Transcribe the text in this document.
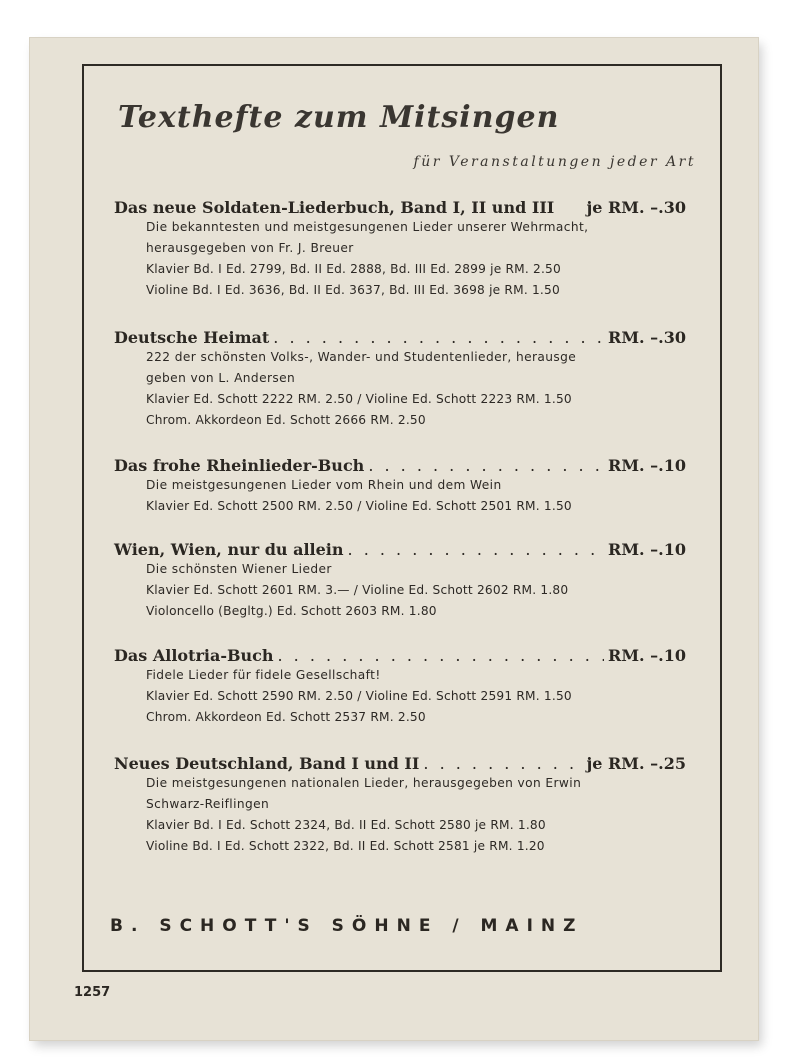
Texthefte zum Mitsingen
für Veranstaltungen jeder Art
Das neue Soldaten-Liederbuch, Band I, II und III je RM. –.30
Die bekanntesten und meistgesungenen Lieder unserer Wehrmacht,
herausgegeben von Fr. J. Breuer
Klavier Bd. I Ed. 2799, Bd. II Ed. 2888, Bd. III Ed. 2899 je RM. 2.50
Violine Bd. I Ed. 3636, Bd. II Ed. 3637, Bd. III Ed. 3698 je RM. 1.50
Deutsche Heimat . . .	RM. –.30
222 der schönsten Volks-, Wander- und Studentenlieder, herausge
geben von L. Andersen
Klavier Ed. Schott 2222 RM. 2.50 / Violine Ed. Schott 2223 RM. 1.50
Chrom. Akkordeon Ed. Schott 2666 RM. 2.50
Das frohe Rheinlieder-Buch . . .	RM. –.10
Die meistgesungenen Lieder vom Rhein und dem Wein
Klavier Ed. Schott 2500 RM. 2.50 / Violine Ed. Schott 2501 RM. 1.50
Wien, Wien, nur du allein . . .	RM. –.10
Die schönsten Wiener Lieder
Klavier Ed. Schott 2601 RM. 3.— / Violine Ed. Schott 2602 RM. 1.80
Violoncello (Begltg.) Ed. Schott 2603 RM. 1.80
Das Allotria-Buch . . .	RM. –.10
Fidele Lieder für fidele Gesellschaft!
Klavier Ed. Schott 2590 RM. 2.50 / Violine Ed. Schott 2591 RM. 1.50
Chrom. Akkordeon Ed. Schott 2537 RM. 2.50
Neues Deutschland, Band I und II . . .	je RM. –.25
Die meistgesungenen nationalen Lieder, herausgegeben von Erwin
Schwarz-Reiflingen
Klavier Bd. I Ed. Schott 2324, Bd. II Ed. Schott 2580 je RM. 1.80
Violine Bd. I Ed. Schott 2322, Bd. II Ed. Schott 2581 je RM. 1.20
B. SCHOTT'S SÖHNE / MAINZ
1257
